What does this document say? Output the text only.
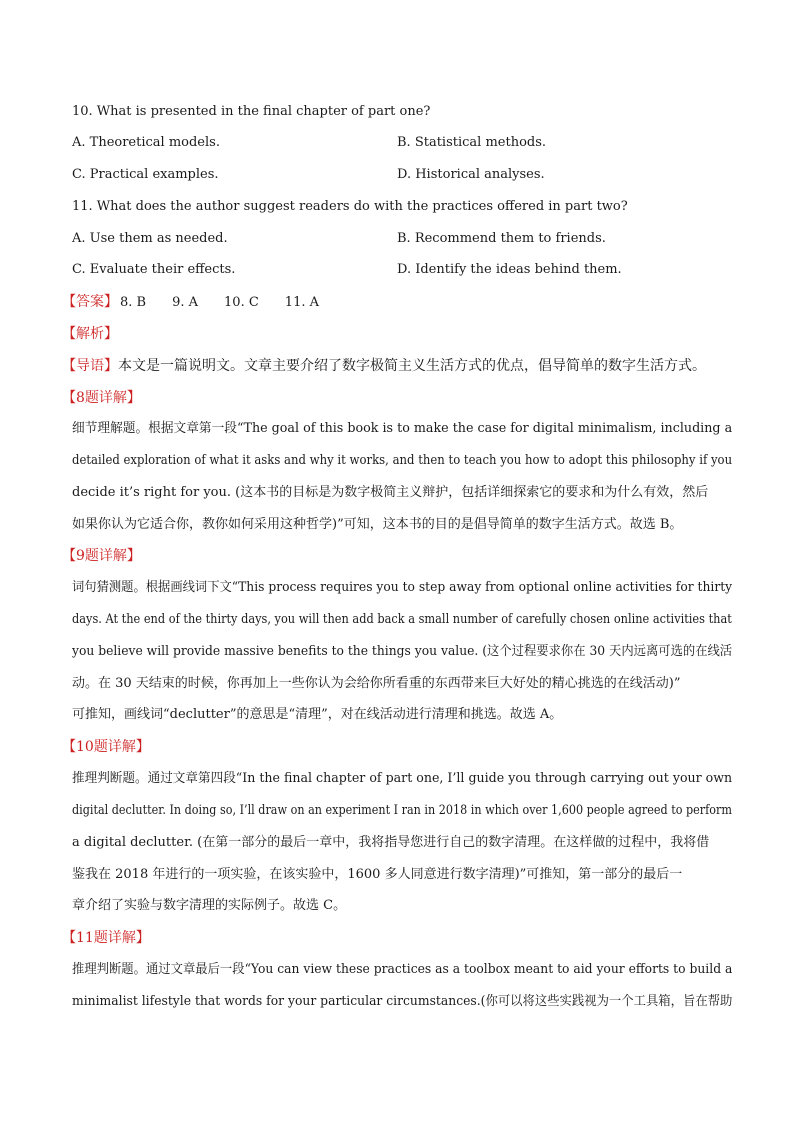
10. What is presented in the final chapter of part one?
A. Theoretical models.	B. Statistical methods.
C. Practical examples.	D. Historical analyses.
11. What does the author suggest readers do with the practices offered in part two?
A. Use them as needed.	B. Recommend them to friends.
C. Evaluate their effects.	D. Identify the ideas behind them.
【答案】 8. B 9. A 10. C 11. A
【解析】
【导语】本文是一篇说明文。文章主要介绍了数字极简主义生活方式的优点，倡导简单的数字生活方式。
【8题详解】
细节理解题。根据文章第一段“The goal of this book is to make the case for digital minimalism, including a
detailed exploration of what it asks and why it works, and then to teach you how to adopt this philosophy if you
decide it’s right for you. (这本书的目标是为数字极简主义辩护，包括详细探索它的要求和为什么有效，然后
如果你认为它适合你，教你如何采用这种哲学)”可知，这本书的目的是倡导简单的数字生活方式。故选 B。
【9题详解】
词句猜测题。根据画线词下文“This process requires you to step away from optional online activities for thirty
days. At the end of the thirty days, you will then add back a small number of carefully chosen online activities that
you believe will provide massive benefits to the things you value. (这个过程要求你在 30 天内远离可选的在线活
动。在 30 天结束的时候，你再加上一些你认为会给你所看重的东西带来巨大好处的精心挑选的在线活动)”
可推知，画线词“declutter”的意思是“清理”，对在线活动进行清理和挑选。故选 A。
【10题详解】
推理判断题。通过文章第四段“In the final chapter of part one, I’ll guide you through carrying out your own
digital declutter. In doing so, I’ll draw on an experiment I ran in 2018 in which over 1,600 people agreed to perform
a digital declutter. (在第一部分的最后一章中，我将指导您进行自己的数字清理。在这样做的过程中，我将借
鉴我在 2018 年进行的一项实验，在该实验中，1600 多人同意进行数字清理)”可推知，第一部分的最后一
章介绍了实验与数字清理的实际例子。故选 C。
【11题详解】
推理判断题。通过文章最后一段“You can view these practices as a toolbox meant to aid your efforts to build a
minimalist lifestyle that words for your particular circumstances.(你可以将这些实践视为一个工具箱，旨在帮助
